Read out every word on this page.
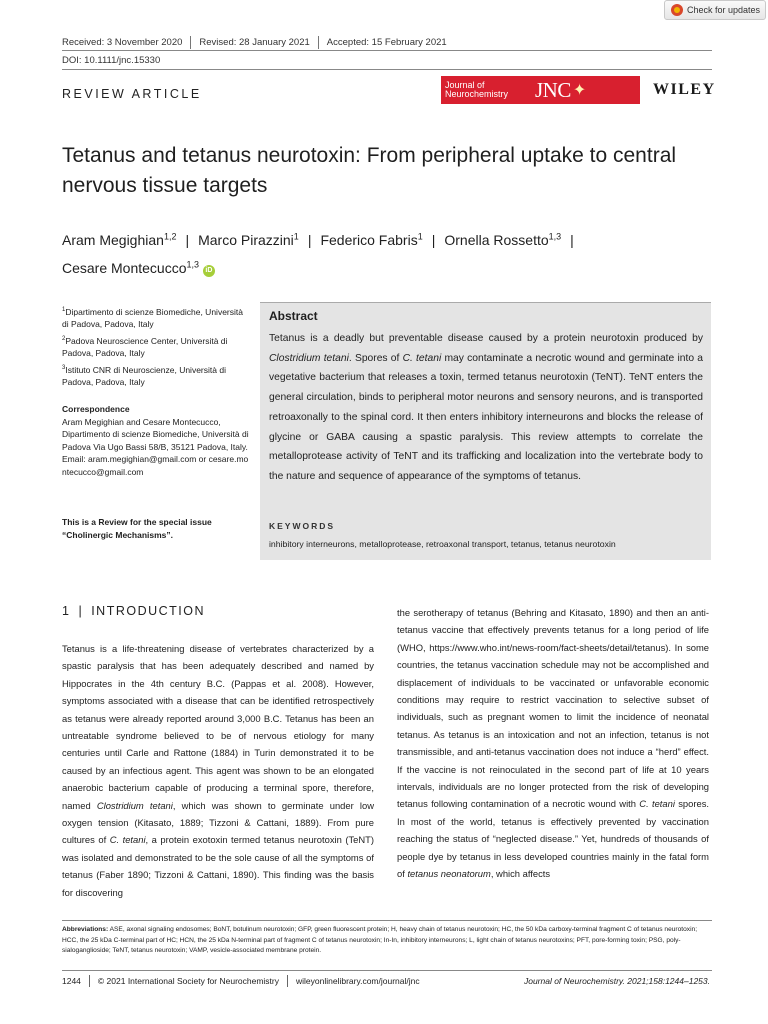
Check for updates
Received: 3 November 2020 Revised: 28 January 2021 Accepted: 15 February 2021
DOI: 10.1111/jnc.15330
REVIEW ARTICLE
Journal of
Neurochemistry	JNC ✦	WILEY
Tetanus and tetanus neurotoxin: From peripheral uptake to central nervous tissue targets
Aram Megighian$^{1,2}$ | Marco Pirazzini$^1$ | Federico Fabris$^1$ | Ornella Rossetto$^{1,3}$ |
Cesare Montecucco$^{1,3}$ iD
$^1$Dipartimento di scienze Biomediche, Università di Padova, Padova, Italy
$^2$Padova Neuroscience Center, Università di Padova, Padova, Italy
$^3$Istituto CNR di Neuroscienze, Università di Padova, Padova, Italy
Correspondence
Aram Megighian and Cesare Montecucco, Dipartimento di scienze Biomediche, Università di Padova Via Ugo Bassi 58/B, 35121 Padova, Italy.
Email: aram.megighian@gmail.com or cesare.montecucco@gmail.com
This is a Review for the special issue “Cholinergic Mechanisms”.
Abstract
Tetanus is a deadly but preventable disease caused by a protein neurotoxin produced by Clostridium tetani. Spores of C. tetani may contaminate a necrotic wound and germinate into a vegetative bacterium that releases a toxin, termed tetanus neurotoxin (TeNT). TeNT enters the general circulation, binds to peripheral motor neurons and sensory neurons, and is transported retroaxonally to the spinal cord. It then enters inhibitory interneurons and blocks the release of glycine or GABA causing a spastic paralysis. This review attempts to correlate the metalloprotease activity of TeNT and its trafficking and localization into the vertebrate body to the nature and sequence of appearance of the symptoms of tetanus.
KEYWORDS
inhibitory interneurons, metalloprotease, retroaxonal transport, tetanus, tetanus neurotoxin
1 | INTRODUCTION

Tetanus is a life-threatening disease of vertebrates characterized by a spastic paralysis that has been adequately described and named by Hippocrates in the 4th century B.C. (Pappas et al. 2008). However, symptoms associated with a disease that can be identified retrospectively as tetanus were already reported around 3,000 B.C. Tetanus has been an untreatable syndrome believed to be of nervous etiology for many centuries until Carle and Rattone (1884) in Turin demonstrated it to be caused by an infectious agent. This agent was shown to be an elongated anaerobic bacterium capable of producing a terminal spore, therefore, named Clostridium tetani, which was shown to germinate under low oxygen tension (Kitasato, 1889; Tizzoni & Cattani, 1889). From pure cultures of C. tetani, a protein exotoxin termed tetanus neurotoxin (TeNT) was isolated and demonstrated to be the sole cause of all the symptoms of tetanus (Faber 1890; Tizzoni & Cattani, 1890). This finding was the basis for discovering

the serotherapy of tetanus (Behring and Kitasato, 1890) and then an anti-tetanus vaccine that effectively prevents tetanus for a long period of life (WHO, https://www.who.int/news-room/fact-sheets/detail/tetanus). In some countries, the tetanus vaccination schedule may not be accomplished and displacement of individuals to be vaccinated or unfavorable economic conditions may require to restrict vaccination to selective subset of individuals, such as pregnant women to limit the incidence of neonatal tetanus. As tetanus is an intoxication and not an infection, tetanus is not transmissible, and anti-tetanus vaccination does not induce a “herd” effect. If the vaccine is not reinoculated in the second part of life at 10 years intervals, individuals are no longer protected from the risk of developing tetanus following contamination of a necrotic wound with C. tetani spores. In most of the world, tetanus is effectively prevented by vaccination reaching the status of “neglected disease.” Yet, hundreds of thousands of people dye by tetanus in less developed countries mainly in the fatal form of tetanus neonatorum, which affects

Abbreviations: ASE, axonal signaling endosomes; BoNT, botulinum neurotoxin; GFP, green fluorescent protein; H, heavy chain of tetanus neurotoxin; HC, the 50 kDa carboxy-terminal fragment C of tetanus neurotoxin; HCC, the 25 kDa C-terminal part of HC; HCN, the 25 kDa N-terminal part of fragment C of tetanus neurotoxin; In-In, inhibitory interneurons; L, light chain of tetanus neurotoxins; PFT, pore-forming toxin; PSG, poly-sialoganglioside; TeNT, tetanus neurotoxin; VAMP, vesicle-associated membrane protein.
1244 © 2021 International Society for Neurochemistry wileyonlinelibrary.com/journal/jnc	Journal of Neurochemistry. 2021;158:1244–1253.
